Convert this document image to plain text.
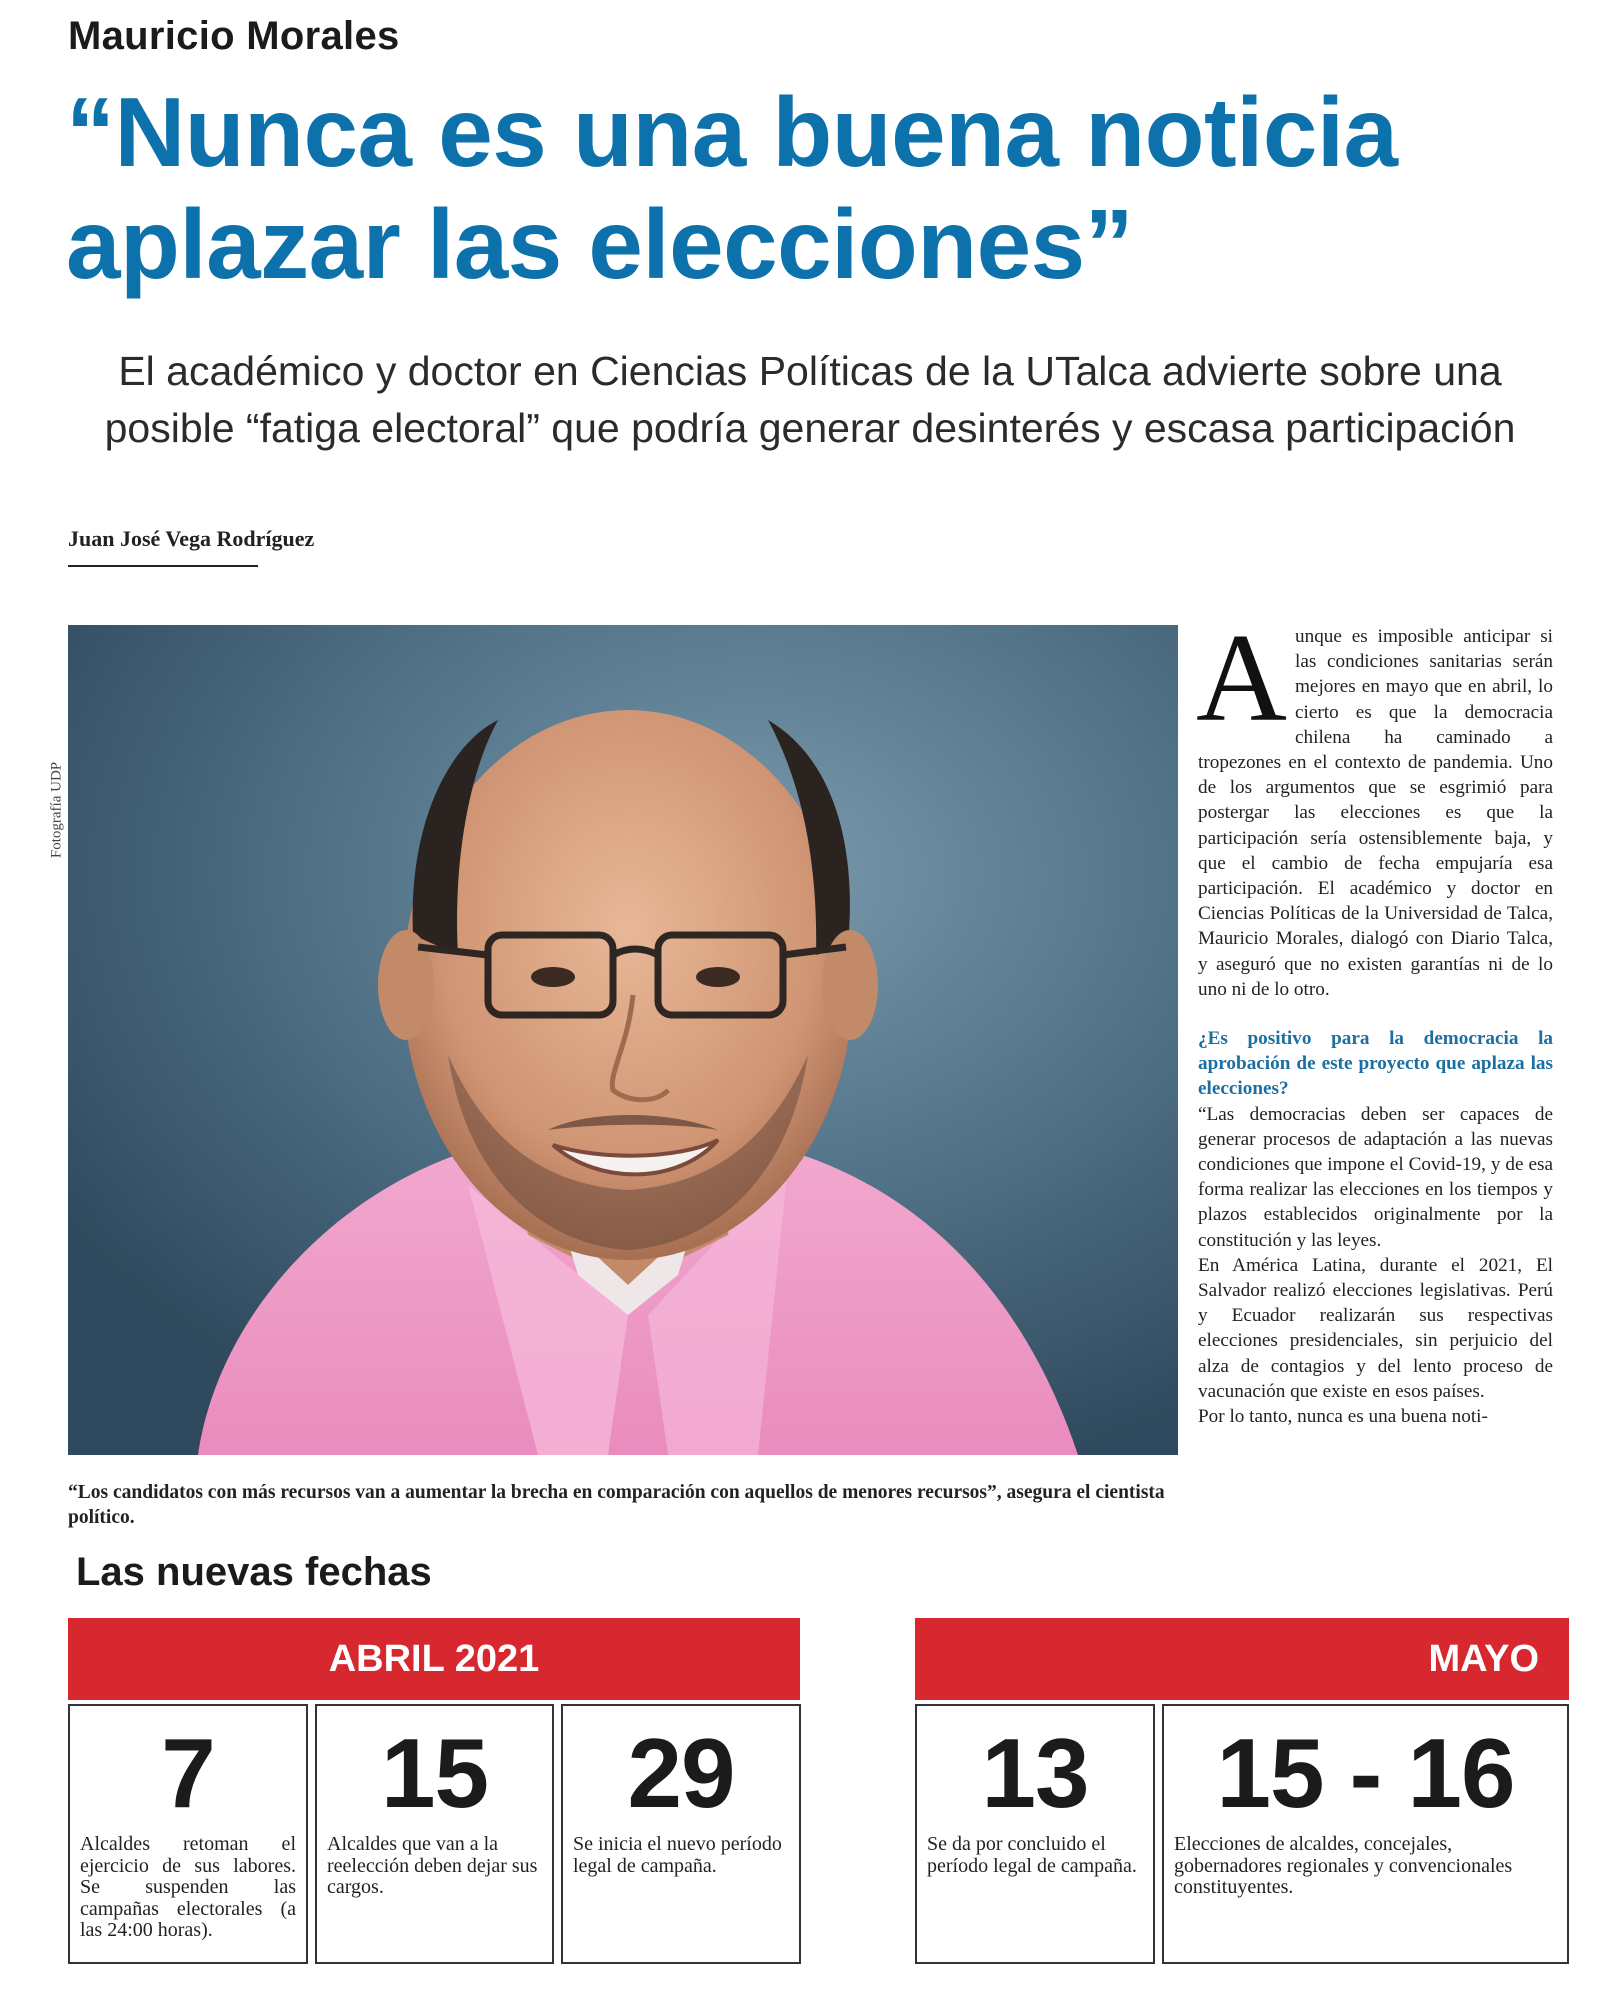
Mauricio Morales
“Nunca es una buena noticia aplazar las elecciones”
El académico y doctor en Ciencias Políticas de la UTalca advierte sobre una posible “fatiga electoral” que podría generar desinterés y escasa participación
Juan José Vega Rodríguez
Fotografía UDP
“Los candidatos con más recursos van a aumentar la brecha en comparación con aquellos de menores recursos”, asegura el cientista político.

Aunque es imposible anticipar si las condiciones sanitarias serán mejores en mayo que en abril, lo cierto es que la democracia chilena ha caminado a tropezones en el contexto de pandemia. Uno de los argumentos que se esgrimió para postergar las elecciones es que la participación sería ostensiblemente baja, y que el cambio de fecha empujaría esa participación. El académico y doctor en Ciencias Políticas de la Universidad de Talca, Mauricio Morales, dialogó con Diario Talca, y aseguró que no existen garantías ni de lo uno ni de lo otro.

¿Es positivo para la democracia la aprobación de este proyecto que aplaza las elecciones?

“Las democracias deben ser capaces de generar procesos de adaptación a las nuevas condiciones que impone el Covid-19, y de esa forma realizar las elecciones en los tiempos y plazos establecidos originalmente por la constitución y las leyes.

En América Latina, durante el 2021, El Salvador realizó elecciones legislativas. Perú y Ecuador realizarán sus respectivas elecciones presidenciales, sin perjuicio del alza de contagios y del lento proceso de vacunación que existe en esos países.

Por lo tanto, nunca es una buena noti-

Las nuevas fechas
ABRIL 2021	MAYO
7
Alcaldes retoman el ejercicio de sus labores. Se suspenden las campañas electorales (a las 24:00 horas).
15
Alcaldes que van a la reelección deben dejar sus cargos.
29
Se inicia el nuevo período legal de campaña.
13
Se da por concluido el período legal de campaña.
15 - 16
Elecciones de alcaldes, concejales, gobernadores regionales y convencionales constituyentes.
